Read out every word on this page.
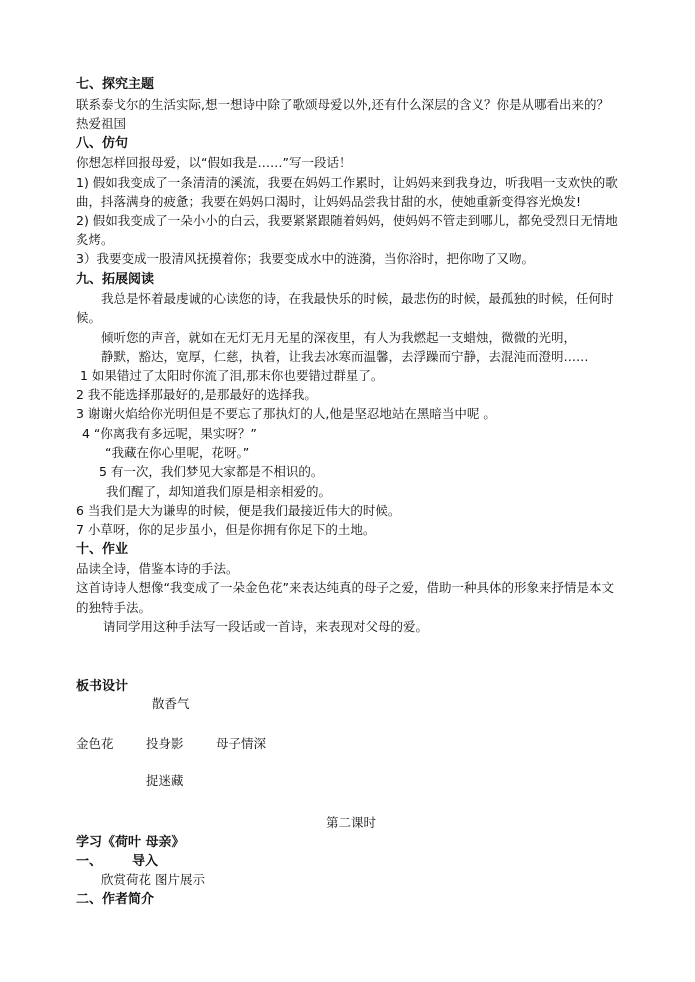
七、探究主题
联系泰戈尔的生活实际,想一想诗中除了歌颂母爱以外,还有什么深层的含义？你是从哪看出来的？
热爱祖国
八、仿句
你想怎样回报母爱，以“假如我是……”写一段话！
1) 假如我变成了一条清清的溪流，我要在妈妈工作累时，让妈妈来到我身边，听我唱一支欢快的歌
曲，抖落满身的疲惫；我要在妈妈口渴时，让妈妈品尝我甘甜的水，使她重新变得容光焕发!
2) 假如我变成了一朵小小的白云，我要紧紧跟随着妈妈，使妈妈不管走到哪儿，都免受烈日无情地
炙烤。
3）我要变成一股清风抚摸着你；我要变成水中的涟漪，当你浴时，把你吻了又吻。
九、拓展阅读
我总是怀着最虔诚的心读您的诗，在我最快乐的时候，最悲伤的时候，最孤独的时候，任何时
候。
倾听您的声音，就如在无灯无月无星的深夜里，有人为我燃起一支蜡烛，微微的光明，
静默，豁达，宽厚，仁慈，执着，让我去冰寒而温馨，去浮躁而宁静，去混沌而澄明……
1 如果错过了太阳时你流了泪,那末你也要错过群星了。
2 我不能选择那最好的,是那最好的选择我。
3 谢谢火焰给你光明但是不要忘了那执灯的人,他是坚忍地站在黑暗当中呢 。
4 “你离我有多远呢，果实呀？”
“我藏在你心里呢，花呀。”
5 有一次，我们梦见大家都是不相识的。
我们醒了，却知道我们原是相亲相爱的。
6 当我们是大为谦卑的时候，便是我们最接近伟大的时候。
7 小草呀，你的足步虽小，但是你拥有你足下的土地。
十、作业
品读全诗，借鉴本诗的手法。
这首诗诗人想像“我变成了一朵金色花”来表达纯真的母子之爱，借助一种具体的形象来抒情是本文
的独特手法。
请同学用这种手法写一段话或一首诗，来表现对父母的爱。
板书设计
散香气
金色花	投身影	母子情深
捉迷藏
第二课时
学习《荷叶 母亲》
一、 导入
欣赏荷花 图片展示
二、作者简介
